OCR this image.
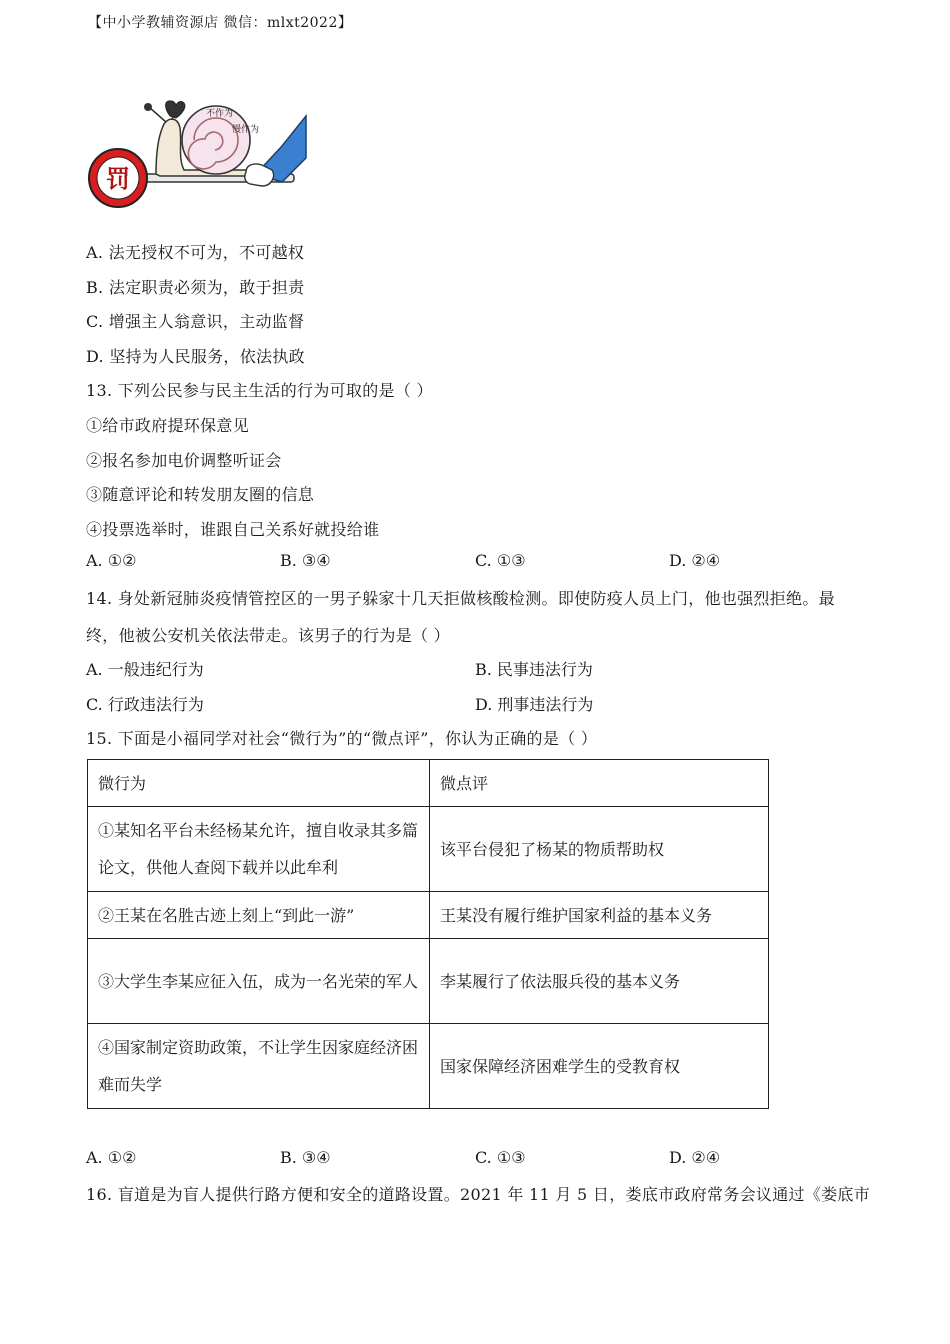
【中小学教辅资源店 微信：mlxt2022】
罚
不作为
慢作为
A. 法无授权不可为，不可越权
B. 法定职责必须为，敢于担责
C. 增强主人翁意识，主动监督
D. 坚持为人民服务，依法执政
13. 下列公民参与民主生活的行为可取的是（ ）
①给市政府提环保意见
②报名参加电价调整听证会
③随意评论和转发朋友圈的信息
④投票选举时，谁跟自己关系好就投给谁
A. ①②	B. ③④	C. ①③	D. ②④
14. 身处新冠肺炎疫情管控区的一男子躲家十几天拒做核酸检测。即使防疫人员上门，他也强烈拒绝。最
终，他被公安机关依法带走。该男子的行为是（ ）
A. 一般违纪行为	B. 民事违法行为
C. 行政违法行为	D. 刑事违法行为
15. 下面是小福同学对社会“微行为”的“微点评”，你认为正确的是（ ）
微行为	微点评
①某知名平台未经杨某允许，擅自收录其多篇论文，供他人查阅下载并以此牟利	该平台侵犯了杨某的物质帮助权
②王某在名胜古迹上刻上“到此一游”	王某没有履行维护国家利益的基本义务
③大学生李某应征入伍，成为一名光荣的军人	李某履行了依法服兵役的基本义务
④国家制定资助政策，不让学生因家庭经济困难而失学	国家保障经济困难学生的受教育权
A. ①②	B. ③④	C. ①③	D. ②④
16. 盲道是为盲人提供行路方便和安全的道路设置。2021 年 11 月 5 日，娄底市政府常务会议通过《娄底市
